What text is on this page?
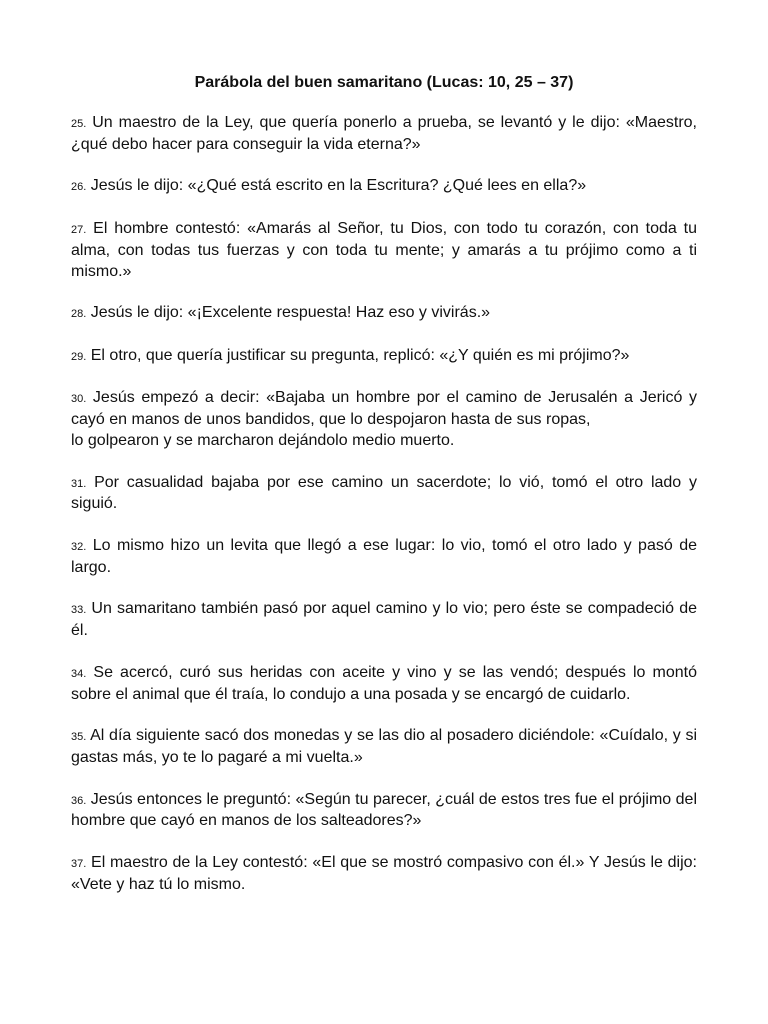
Parábola del buen samaritano (Lucas: 10, 25 – 37)
25. Un maestro de la Ley, que quería ponerlo a prueba, se levantó y le dijo: «Maestro, ¿qué debo hacer para conseguir la vida eterna?»
26. Jesús le dijo: «¿Qué está escrito en la Escritura? ¿Qué lees en ella?»
27. El hombre contestó: «Amarás al Señor, tu Dios, con todo tu corazón, con toda tu alma, con todas tus fuerzas y con toda tu mente; y amarás a tu prójimo como a ti mismo.»
28. Jesús le dijo: «¡Excelente respuesta! Haz eso y vivirás.»
29. El otro, que quería justificar su pregunta, replicó: «¿Y quién es mi prójimo?»
30. Jesús empezó a decir: «Bajaba un hombre por el camino de Jerusalén a Jericó y cayó en manos de unos bandidos, que lo despojaron hasta de sus ropas,
lo golpearon y se marcharon dejándolo medio muerto.
31. Por casualidad bajaba por ese camino un sacerdote; lo vió, tomó el otro lado y siguió.
32. Lo mismo hizo un levita que llegó a ese lugar: lo vio, tomó el otro lado y pasó de largo.
33. Un samaritano también pasó por aquel camino y lo vio; pero éste se compadeció de él.
34. Se acercó, curó sus heridas con aceite y vino y se las vendó; después lo montó sobre el animal que él traía, lo condujo a una posada y se encargó de cuidarlo.
35. Al día siguiente sacó dos monedas y se las dio al posadero diciéndole: «Cuídalo, y si gastas más, yo te lo pagaré a mi vuelta.»
36. Jesús entonces le preguntó: «Según tu parecer, ¿cuál de estos tres fue el prójimo del hombre que cayó en manos de los salteadores?»
37. El maestro de la Ley contestó: «El que se mostró compasivo con él.» Y Jesús le dijo: «Vete y haz tú lo mismo.
